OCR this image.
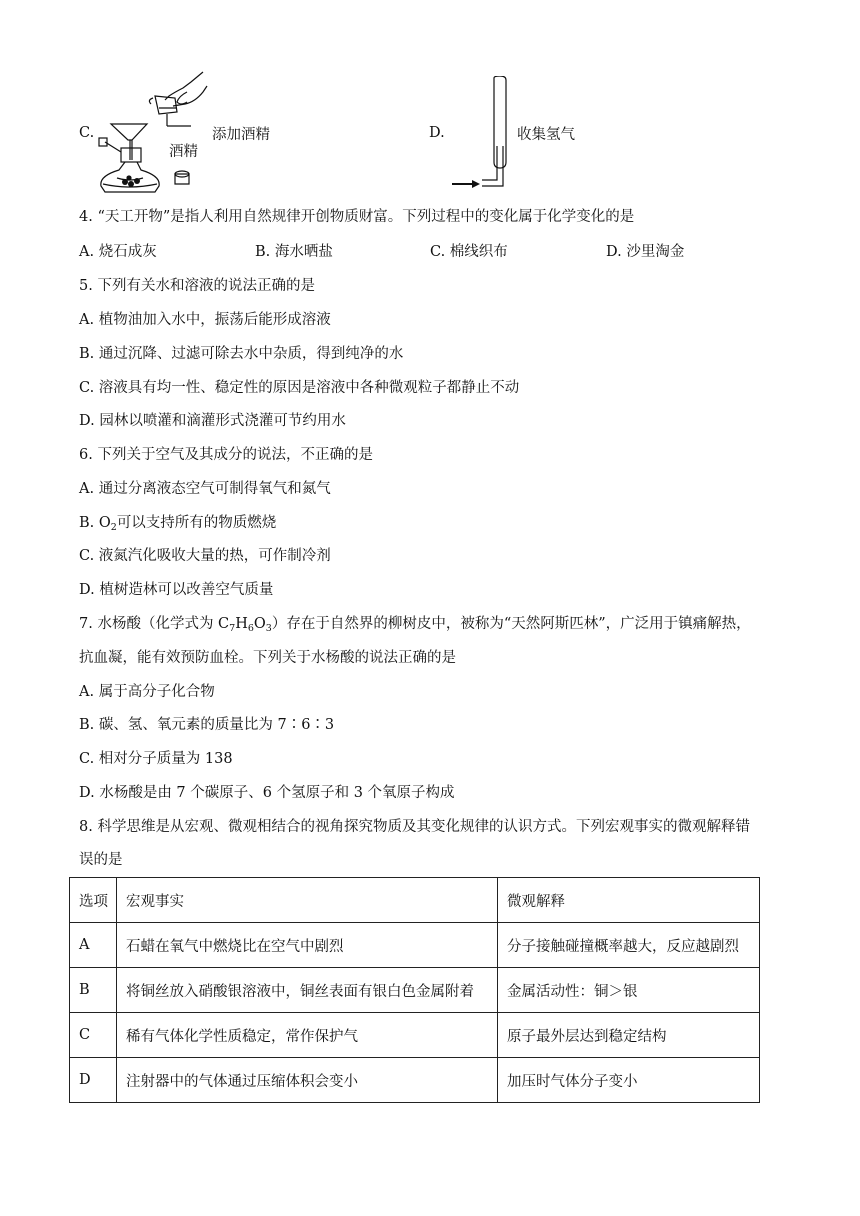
C.	添加酒精
酒精
D.	收集氢气
4. “天工开物”是指人利用自然规律开创物质财富。下列过程中的变化属于化学变化的是
A. 烧石成灰	B. 海水晒盐	C. 棉线织布	D. 沙里淘金
5. 下列有关水和溶液的说法正确的是
A. 植物油加入水中，振荡后能形成溶液
B. 通过沉降、过滤可除去水中杂质，得到纯净的水
C. 溶液具有均一性、稳定性的原因是溶液中各种微观粒子都静止不动
D. 园林以喷灌和滴灌形式浇灌可节约用水
6. 下列关于空气及其成分的说法，不正确的是
A. 通过分离液态空气可制得氧气和氮气
B. $O_2$可以支持所有的物质燃烧
C. 液氮汽化吸收大量的热，可作制冷剂
D. 植树造林可以改善空气质量
7. 水杨酸（化学式为 $C_7H_6O_3$）存在于自然界的柳树皮中，被称为“天然阿斯匹林”，广泛用于镇痛解热，
抗血凝，能有效预防血栓。下列关于水杨酸的说法正确的是
A. 属于高分子化合物
B. 碳、氢、氧元素的质量比为 7∶6∶3
C. 相对分子质量为 138
D. 水杨酸是由 7 个碳原子、6 个氢原子和 3 个氧原子构成
8. 科学思维是从宏观、微观相结合的视角探究物质及其变化规律的认识方式。下列宏观事实的微观解释错
误的是
选项	宏观事实	微观解释
A	石蜡在氧气中燃烧比在空气中剧烈	分子接触碰撞概率越大，反应越剧烈
B	将铜丝放入硝酸银溶液中，铜丝表面有银白色金属附着	金属活动性：铜＞银
C	稀有气体化学性质稳定，常作保护气	原子最外层达到稳定结构
D	注射器中的气体通过压缩体积会变小	加压时气体分子变小
